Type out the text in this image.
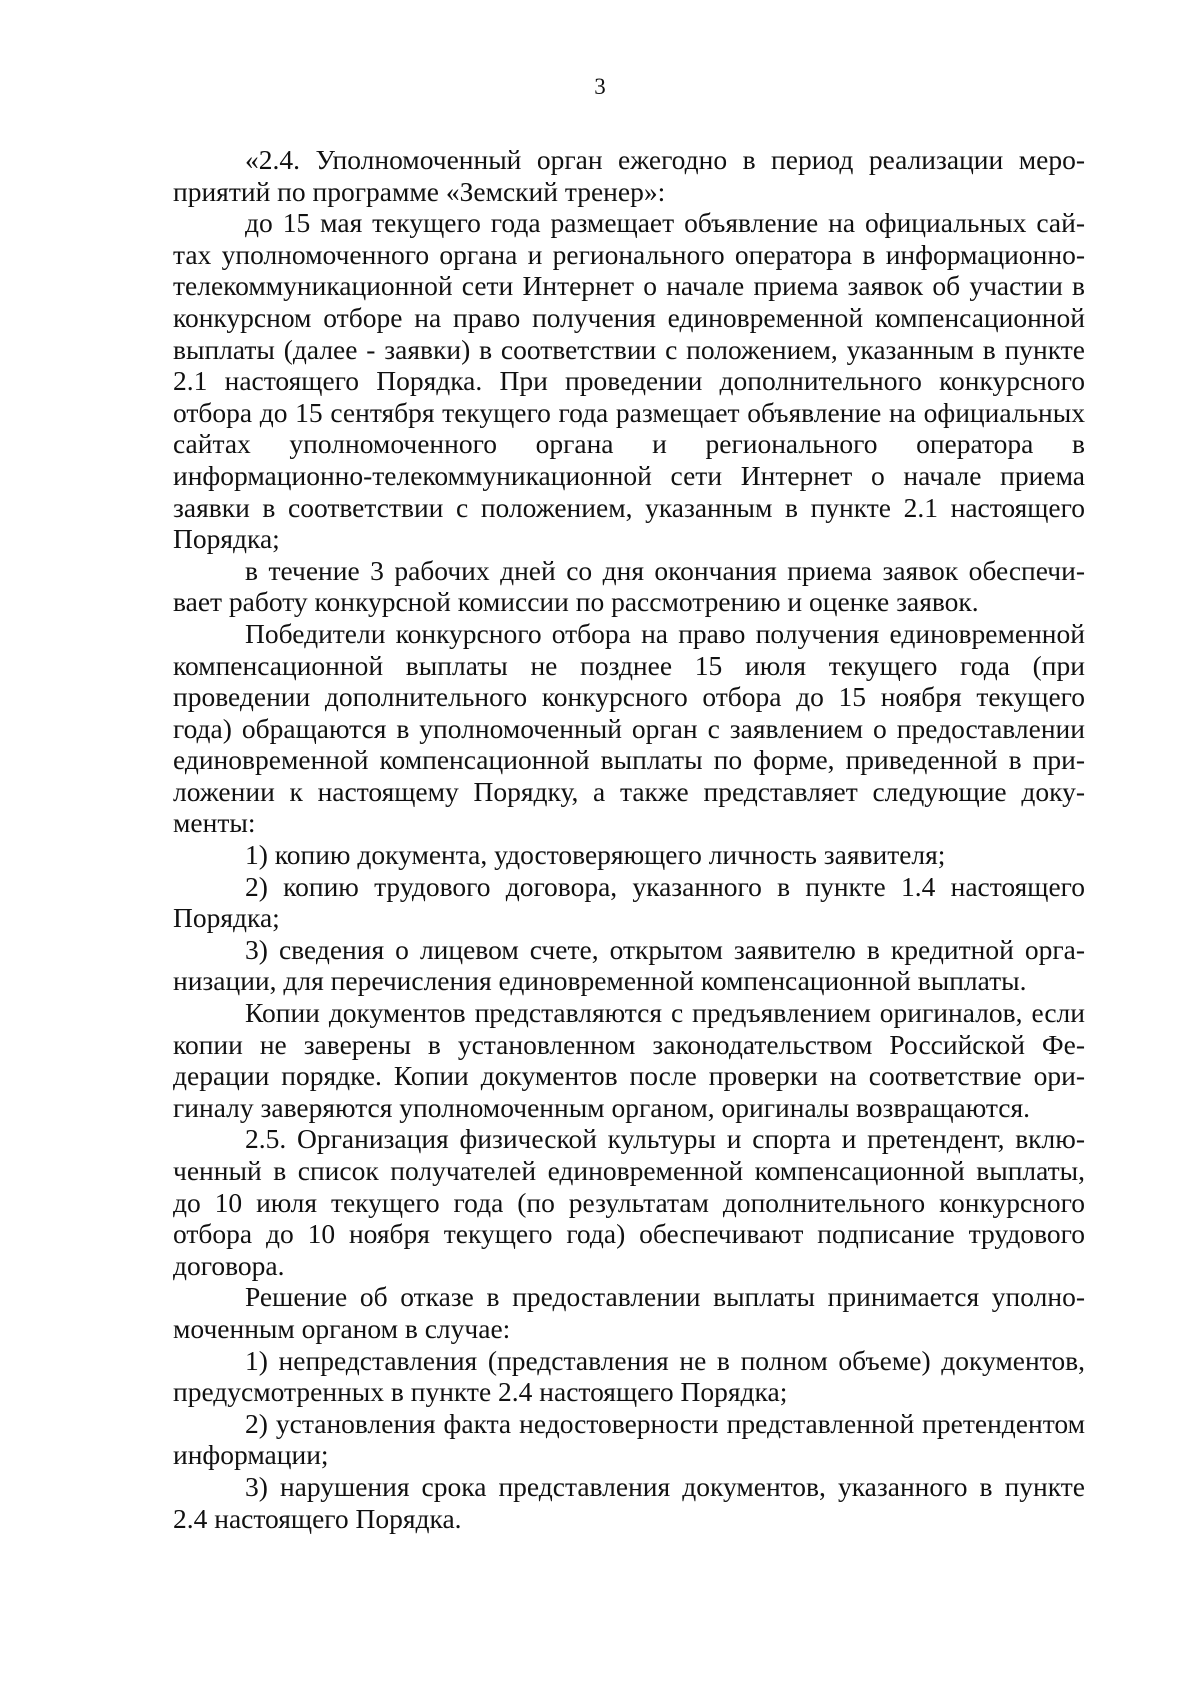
3

«2.4. Уполномоченный орган ежегодно в период реализации мероприятий по программе «Земский тренер»:

до 15 мая текущего года размещает объявление на официальных сайтах уполномоченного органа и регионального оператора в информационно-телекоммуникационной сети Интернет о начале приема заявок об участии в конкурсном отборе на право получения единовременной компенсационной выплаты (далее - заявки) в соответствии с положением, указанным в пункте 2.1 настоящего Порядка. При проведении дополнительного конкурсного отбора до 15 сентября текущего года размещает объявление на официальных сайтах уполномоченного органа и регионального оператора в информационно-телекоммуникационной сети Интернет о начале приема заявки в соответствии с положением, указанным в пункте 2.1 настоящего Порядка;

в течение 3 рабочих дней со дня окончания приема заявок обеспечивает работу конкурсной комиссии по рассмотрению и оценке заявок.

Победители конкурсного отбора на право получения единовременной компенсационной выплаты не позднее 15 июля текущего года (при проведении дополнительного конкурсного отбора до 15 ноября текущего года) обращаются в уполномоченный орган с заявлением о предоставлении единовременной компенсационной выплаты по форме, приведенной в приложении к настоящему Порядку, а также представляет следующие документы:

1) копию документа, удостоверяющего личность заявителя;

2) копию трудового договора, указанного в пункте 1.4 настоящего Порядка;

3) сведения о лицевом счете, открытом заявителю в кредитной организации, для перечисления единовременной компенсационной выплаты.

Копии документов представляются с предъявлением оригиналов, если копии не заверены в установленном законодательством Российской Федерации порядке. Копии документов после проверки на соответствие оригиналу заверяются уполномоченным органом, оригиналы возвращаются.

2.5. Организация физической культуры и спорта и претендент, включенный в список получателей единовременной компенсационной выплаты, до 10 июля текущего года (по результатам дополнительного конкурсного отбора до 10 ноября текущего года) обеспечивают подписание трудового договора.

Решение об отказе в предоставлении выплаты принимается уполномоченным органом в случае:

1) непредставления (представления не в полном объеме) документов, предусмотренных в пункте 2.4 настоящего Порядка;

2) установления факта недостоверности представленной претендентом информации;

3) нарушения срока представления документов, указанного в пункте 2.4 настоящего Порядка.
